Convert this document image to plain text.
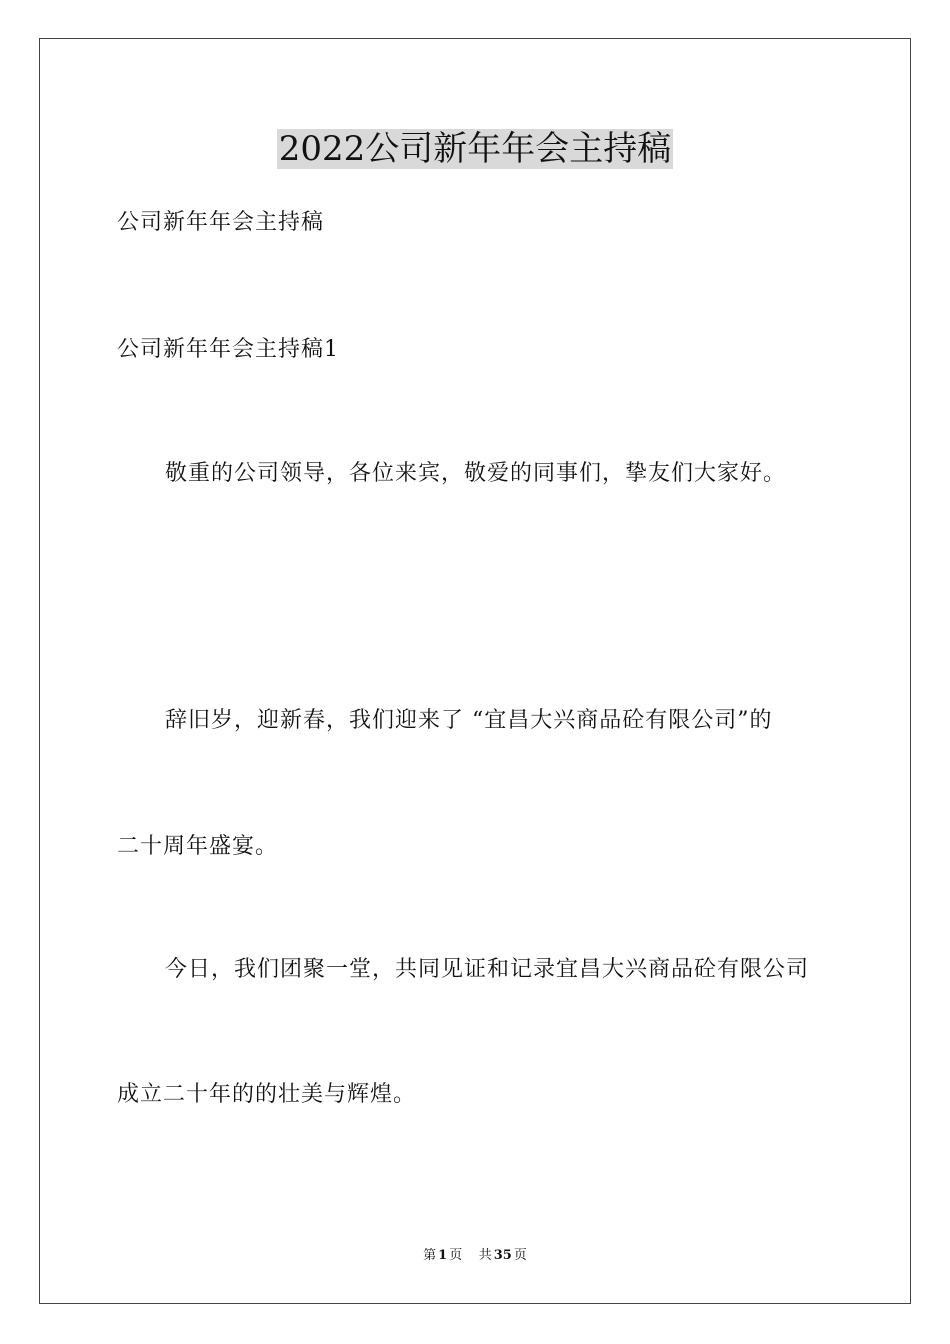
2022公司新年年会主持稿
公司新年年会主持稿
公司新年年会主持稿1
敬重的公司领导，各位来宾，敬爱的同事们，挚友们大家好。
辞旧岁，迎新春，我们迎来了 “宜昌大兴商品砼有限公司”的
二十周年盛宴。
今日，我们团聚一堂，共同见证和记录宜昌大兴商品砼有限公司
成立二十年的的壮美与辉煌。
第 1 页 共 35 页
